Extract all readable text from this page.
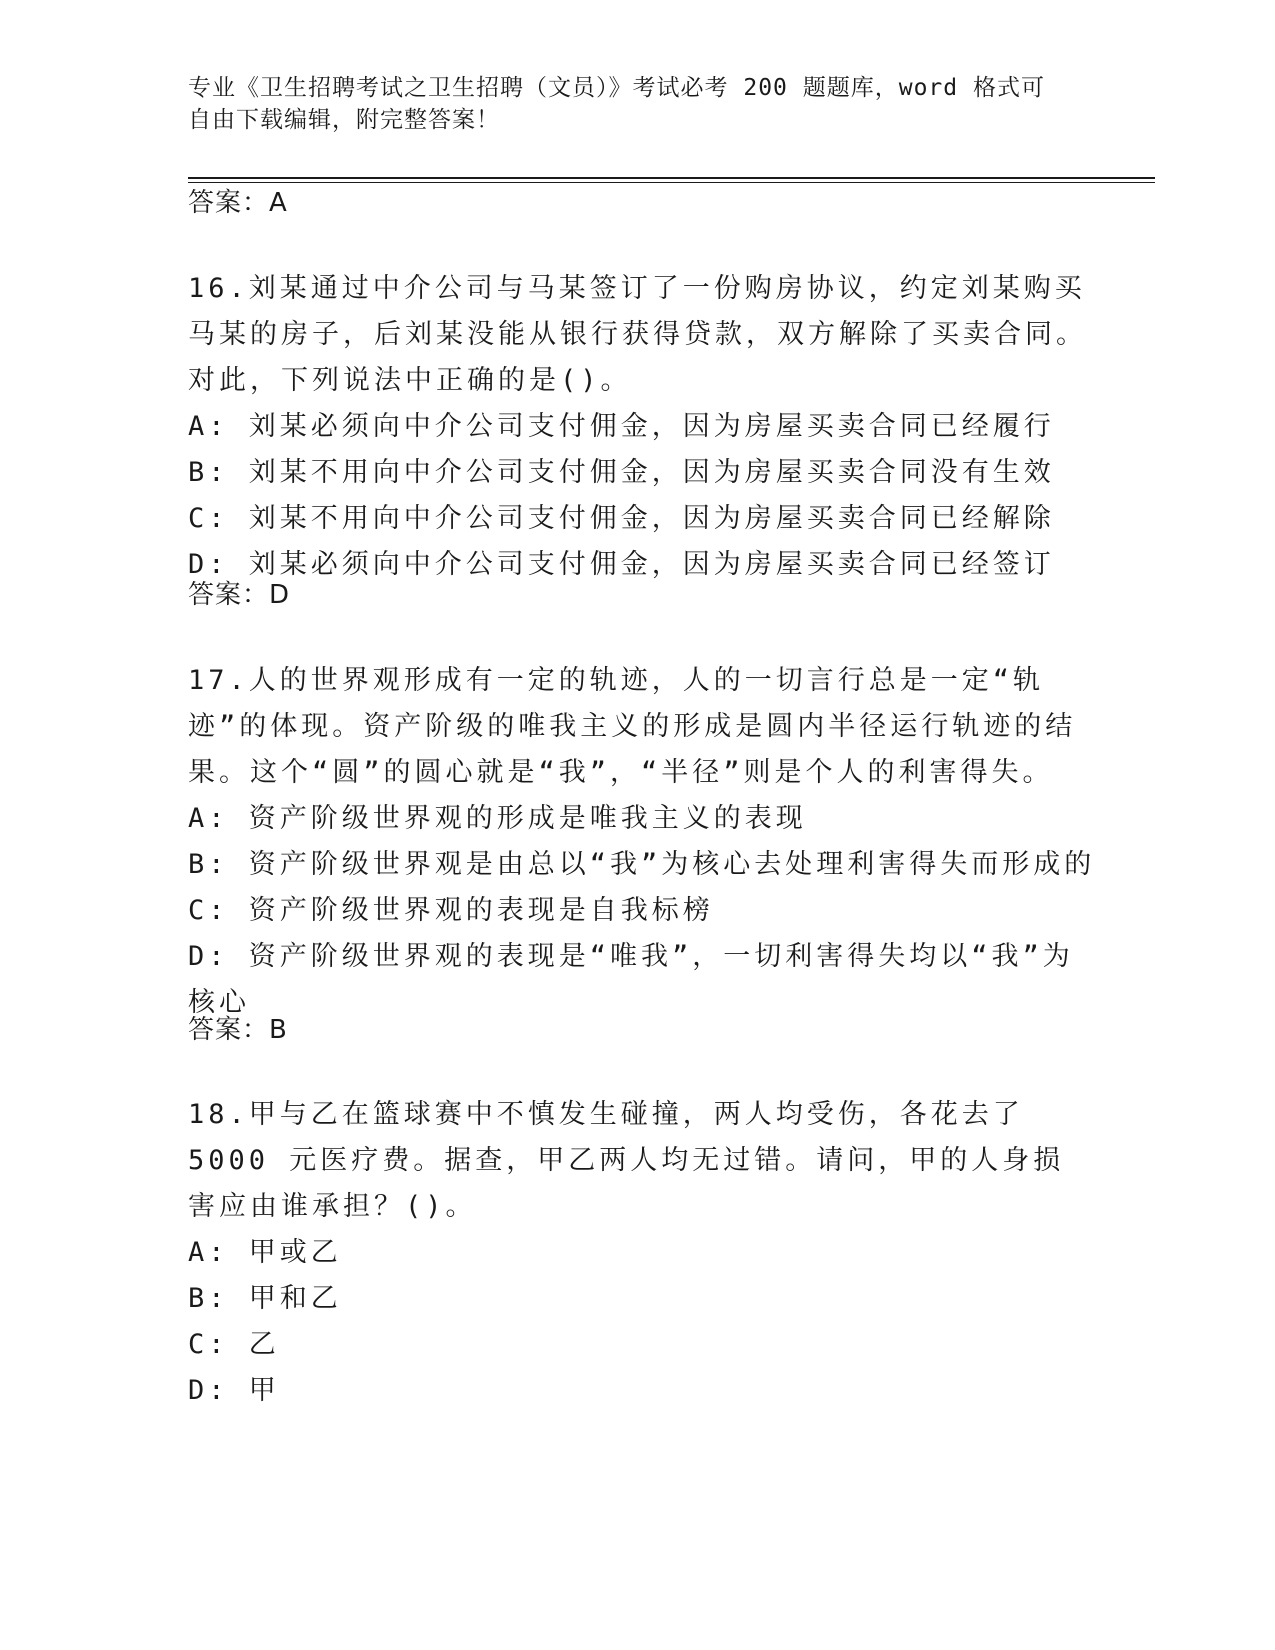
专业《卫生招聘考试之卫生招聘（文员）》考试必考 200 题题库，word 格式可自由下载编辑，附完整答案！
答案：A

16.刘某通过中介公司与马某签订了一份购房协议，约定刘某购买马某的房子，后刘某没能从银行获得贷款，双方解除了买卖合同。对此，下列说法中正确的是()。

A: 刘某必须向中介公司支付佣金，因为房屋买卖合同已经履行

B: 刘某不用向中介公司支付佣金，因为房屋买卖合同没有生效

C: 刘某不用向中介公司支付佣金，因为房屋买卖合同已经解除

D: 刘某必须向中介公司支付佣金，因为房屋买卖合同已经签订

答案：D

17.人的世界观形成有一定的轨迹，人的一切言行总是一定“轨迹”的体现。资产阶级的唯我主义的形成是圆内半径运行轨迹的结果。这个“圆”的圆心就是“我”，“半径”则是个人的利害得失。

A: 资产阶级世界观的形成是唯我主义的表现

B: 资产阶级世界观是由总以“我”为核心去处理利害得失而形成的

C: 资产阶级世界观的表现是自我标榜

D: 资产阶级世界观的表现是“唯我”，一切利害得失均以“我”为核心

答案：B

18.甲与乙在篮球赛中不慎发生碰撞，两人均受伤，各花去了 5000 元医疗费。据查，甲乙两人均无过错。请问，甲的人身损害应由谁承担？()。

A: 甲或乙

B: 甲和乙

C: 乙

D: 甲
